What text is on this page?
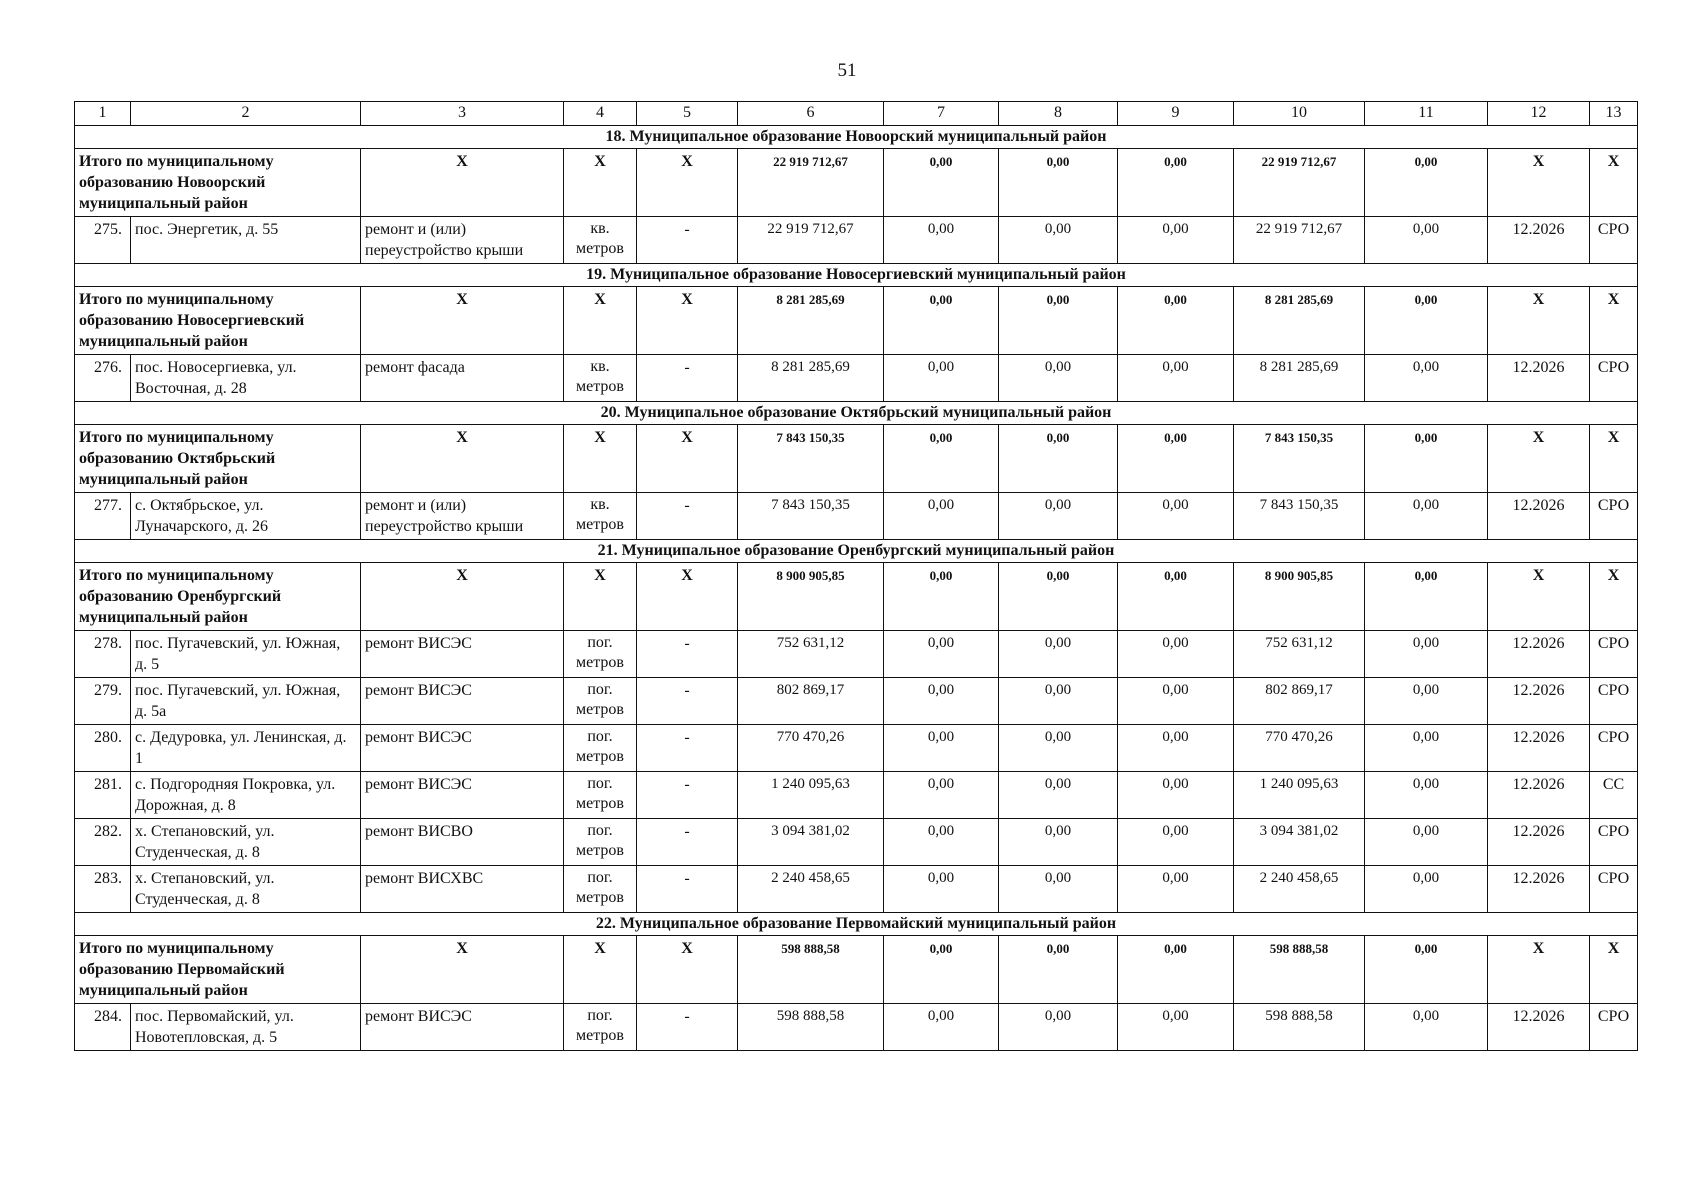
51
1	2	3	4	5	6	7	8	9	10	11	12	13
18. Муниципальное образование Новоорский муниципальный район												
Итого по муниципальному образованию Новоорский муниципальный район		X	X	X	22 919 712,67	0,00	0,00	0,00	22 919 712,67	0,00	X	X
275.	пос. Энергетик, д. 55	ремонт и (или) переустройство крыши	кв. метров	-	22 919 712,67	0,00	0,00	0,00	22 919 712,67	0,00	12.2026	СРО
19. Муниципальное образование Новосергиевский муниципальный район												
Итого по муниципальному образованию Новосергиевский муниципальный район		X	X	X	8 281 285,69	0,00	0,00	0,00	8 281 285,69	0,00	X	X
276.	пос. Новосергиевка, ул. Восточная, д. 28	ремонт фасада	кв. метров	-	8 281 285,69	0,00	0,00	0,00	8 281 285,69	0,00	12.2026	СРО
20. Муниципальное образование Октябрьский муниципальный район												
Итого по муниципальному образованию Октябрьский муниципальный район		X	X	X	7 843 150,35	0,00	0,00	0,00	7 843 150,35	0,00	X	X
277.	с. Октябрьское, ул. Луначарского, д. 26	ремонт и (или) переустройство крыши	кв. метров	-	7 843 150,35	0,00	0,00	0,00	7 843 150,35	0,00	12.2026	СРО
21. Муниципальное образование Оренбургский муниципальный район												
Итого по муниципальному образованию Оренбургский муниципальный район		X	X	X	8 900 905,85	0,00	0,00	0,00	8 900 905,85	0,00	X	X
278.	пос. Пугачевский, ул. Южная, д. 5	ремонт ВИСЭС	пог. метров	-	752 631,12	0,00	0,00	0,00	752 631,12	0,00	12.2026	СРО
279.	пос. Пугачевский, ул. Южная, д. 5а	ремонт ВИСЭС	пог. метров	-	802 869,17	0,00	0,00	0,00	802 869,17	0,00	12.2026	СРО
280.	с. Дедуровка, ул. Ленинская, д. 1	ремонт ВИСЭС	пог. метров	-	770 470,26	0,00	0,00	0,00	770 470,26	0,00	12.2026	СРО
281.	с. Подгородняя Покровка, ул. Дорожная, д. 8	ремонт ВИСЭС	пог. метров	-	1 240 095,63	0,00	0,00	0,00	1 240 095,63	0,00	12.2026	СС
282.	х. Степановский, ул. Студенческая, д. 8	ремонт ВИСВО	пог. метров	-	3 094 381,02	0,00	0,00	0,00	3 094 381,02	0,00	12.2026	СРО
283.	х. Степановский, ул. Студенческая, д. 8	ремонт ВИСХВС	пог. метров	-	2 240 458,65	0,00	0,00	0,00	2 240 458,65	0,00	12.2026	СРО
22. Муниципальное образование Первомайский муниципальный район												
Итого по муниципальному образованию Первомайский муниципальный район		X	X	X	598 888,58	0,00	0,00	0,00	598 888,58	0,00	X	X
284.	пос. Первомайский, ул. Новотепловская, д. 5	ремонт ВИСЭС	пог. метров	-	598 888,58	0,00	0,00	0,00	598 888,58	0,00	12.2026	СРО
